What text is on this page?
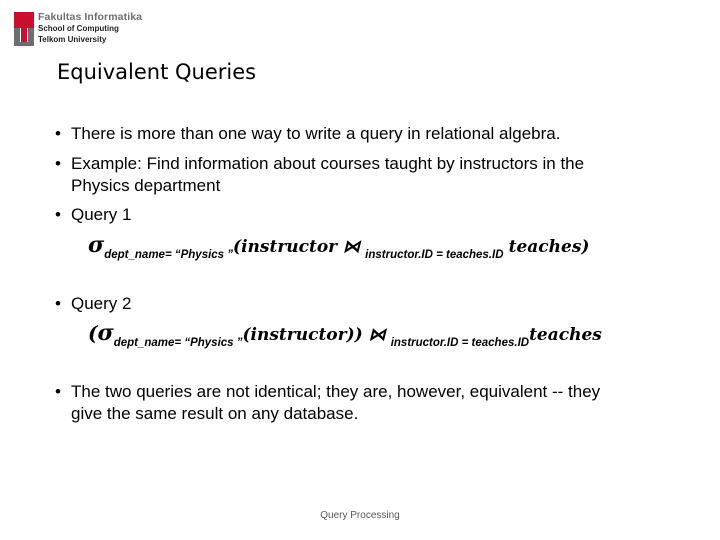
Fakultas Informatika
School of Computing
Telkom University
Equivalent Queries
• There is more than one way to write a query in relational algebra.
• Example: Find information about courses taught by instructors in the
Physics department
• Query 1
$\sigma_{dept\_name= “Physics ”}(instructor$ ⋈ $_{instructor.ID = teaches.ID}$ teaches)
• Query 2
$(\sigma_{dept\_name= “Physics ”}(instructor))$ ⋈ $_{instructor.ID = teaches.ID}$teaches
• The two queries are not identical; they are, however, equivalent -- they
give the same result on any database.
Query Processing
